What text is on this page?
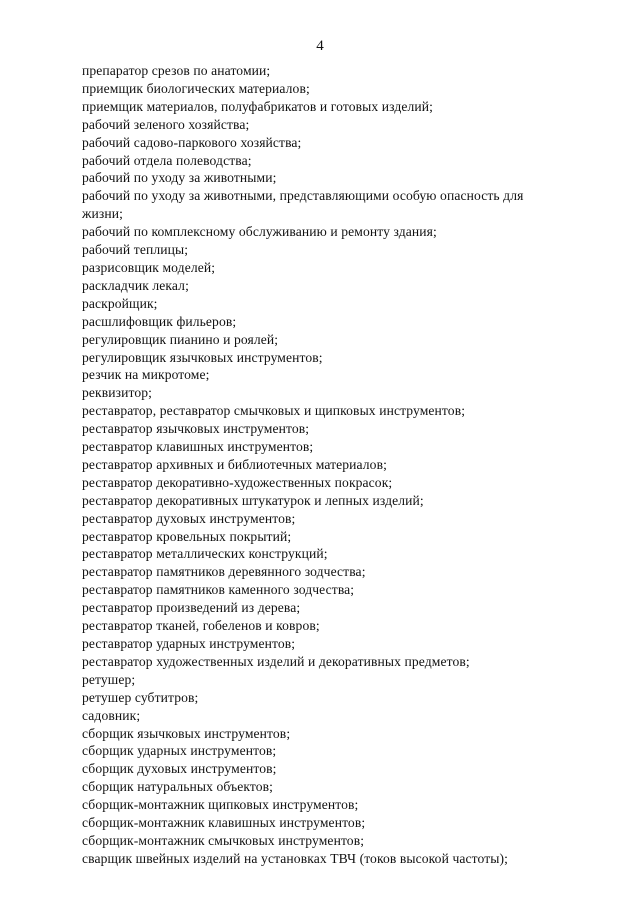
4
препаратор срезов по анатомии;
приемщик биологических материалов;
приемщик материалов, полуфабрикатов и готовых изделий;
рабочий зеленого хозяйства;
рабочий садово-паркового хозяйства;
рабочий отдела полеводства;
рабочий по уходу за животными;
рабочий по уходу за животными, представляющими особую опасность для
жизни;
рабочий по комплексному обслуживанию и ремонту здания;
рабочий теплицы;
разрисовщик моделей;
раскладчик лекал;
раскройщик;
расшлифовщик фильеров;
регулировщик пианино и роялей;
регулировщик язычковых инструментов;
резчик на микротоме;
реквизитор;
реставратор, реставратор смычковых и щипковых инструментов;
реставратор язычковых инструментов;
реставратор клавишных инструментов;
реставратор архивных и библиотечных материалов;
реставратор декоративно-художественных покрасок;
реставратор декоративных штукатурок и лепных изделий;
реставратор духовых инструментов;
реставратор кровельных покрытий;
реставратор металлических конструкций;
реставратор памятников деревянного зодчества;
реставратор памятников каменного зодчества;
реставратор произведений из дерева;
реставратор тканей, гобеленов и ковров;
реставратор ударных инструментов;
реставратор художественных изделий и декоративных предметов;
ретушер;
ретушер субтитров;
садовник;
сборщик язычковых инструментов;
сборщик ударных инструментов;
сборщик духовых инструментов;
сборщик натуральных объектов;
сборщик-монтажник щипковых инструментов;
сборщик-монтажник клавишных инструментов;
сборщик-монтажник смычковых инструментов;
сварщик швейных изделий на установках ТВЧ (токов высокой частоты);
